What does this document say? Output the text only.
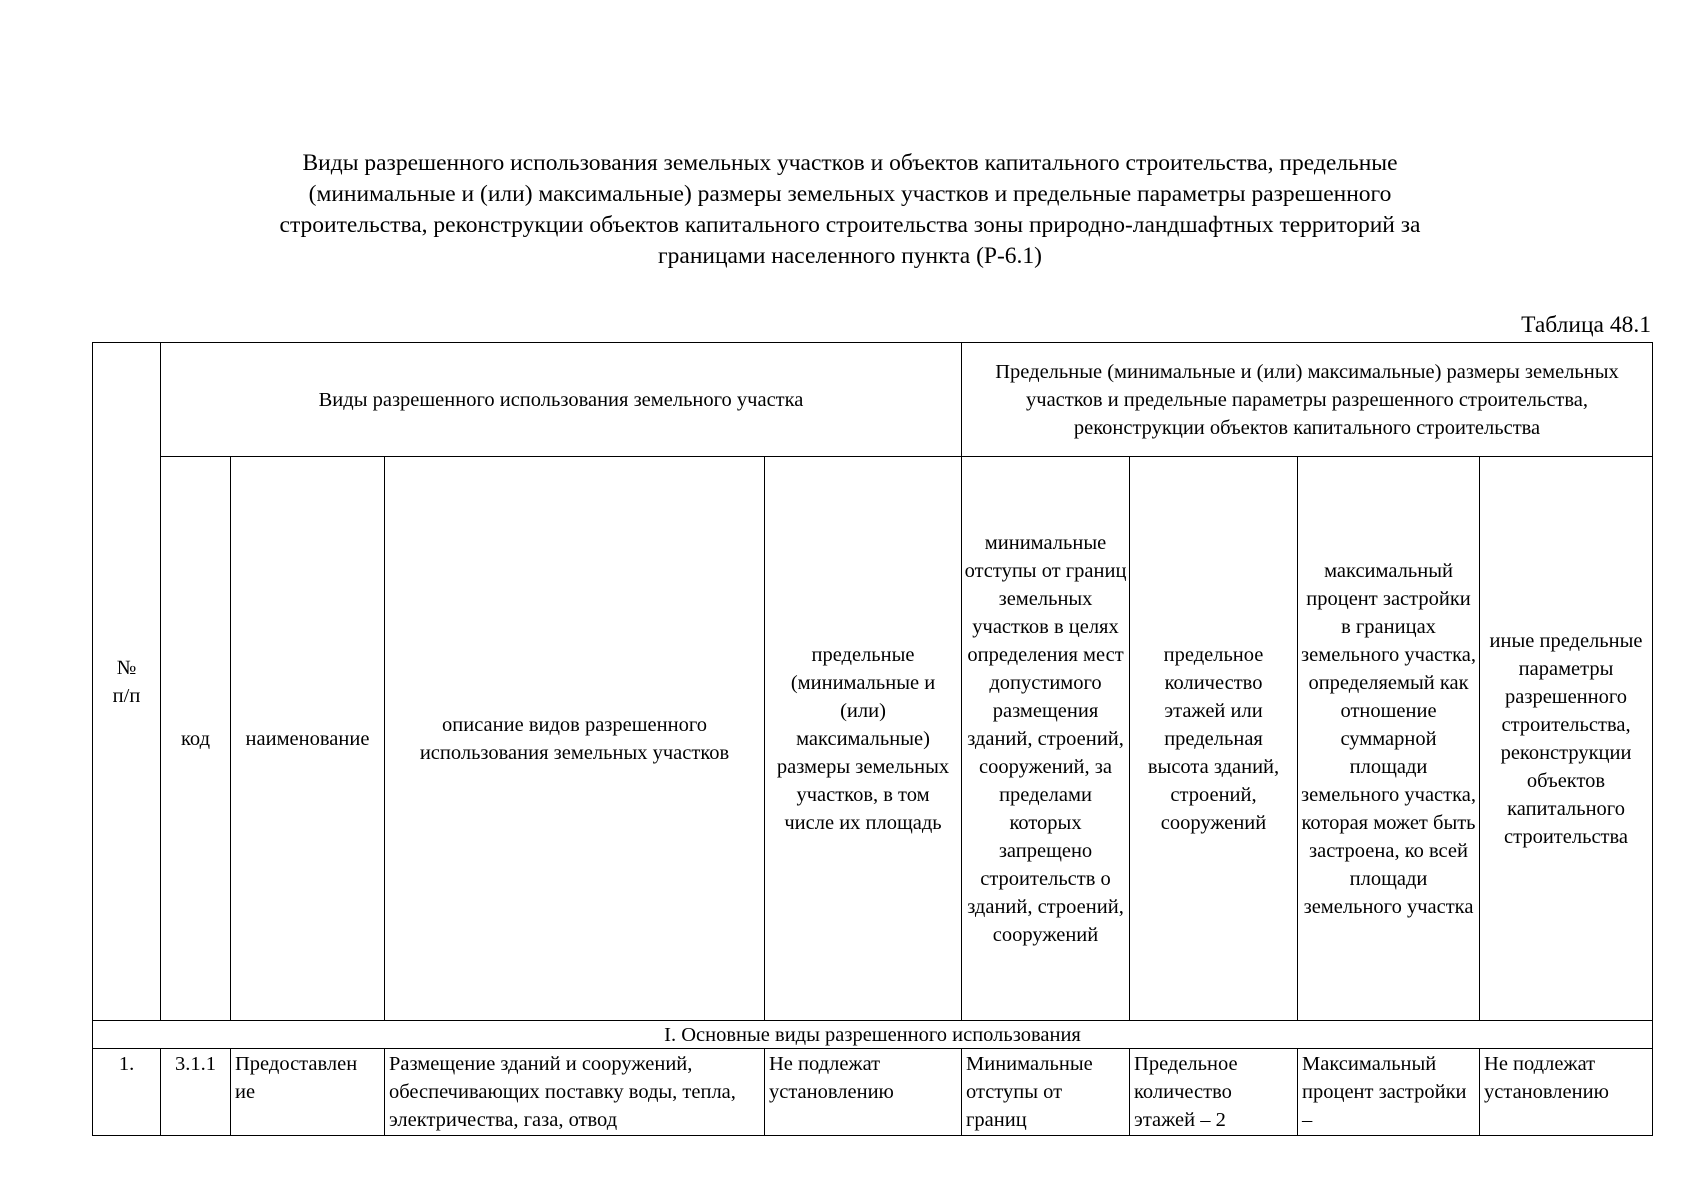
Виды разрешенного использования земельных участков и объектов капитального строительства, предельные
(минимальные и (или) максимальные) размеры земельных участков и предельные параметры разрешенного
строительства, реконструкции объектов капитального строительства зоны природно-ландшафтных территорий за
границами населенного пункта (Р-6.1)
Таблица 48.1
№ п/п	Виды разрешенного использования земельного участка				Предельные (минимальные и (или) максимальные) размеры земельных участков и предельные параметры разрешенного строительства, реконструкции объектов капитального строительства			
	код	наименование	описание видов разрешенного использования земельных участков	предельные (минимальные и (или) максимальные) размеры земельных участков, в том числе их площадь	минимальные отступы от границ земельных участков в целях определения мест допустимого размещения зданий, строений, сооружений, за пределами которых запрещено строительств о зданий, строений, сооружений	предельное количество этажей или предельная высота зданий, строений, сооружений	максимальный процент застройки в границах земельного участка, определяемый как отношение суммарной площади земельного участка, которая может быть застроена, ко всей площади земельного участка	иные предельные параметры разрешенного строительства, реконструкции объектов капитального строительства
I. Основные виды разрешенного использования								
1.	3.1.1	Предоставлен ие	Размещение зданий и сооружений, обеспечивающих поставку воды, тепла, электричества, газа, отвод	Не подлежат установлению	Минимальные отступы от границ	Предельное количество этажей – 2	Максимальный процент застройки –	Не подлежат установлению
